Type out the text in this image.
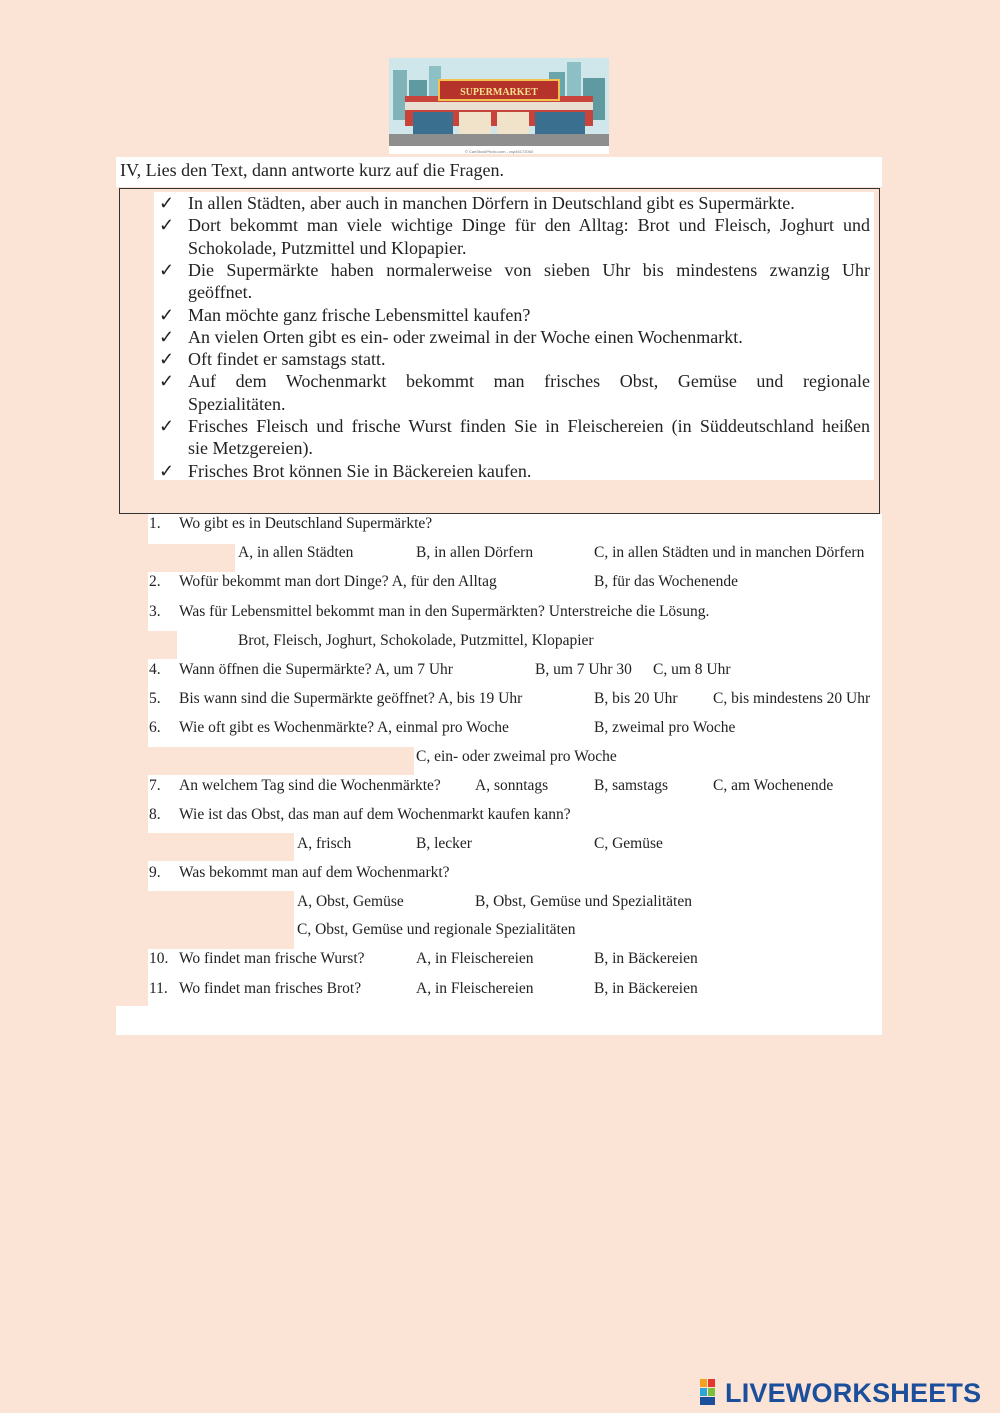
SUPERMARKET
© CanStockPhoto.com - csp46172063
IV, Lies den Text, dann antworte kurz auf die Fragen.
✓ In allen Städten, aber auch in manchen Dörfern in Deutschland gibt es Supermärkte.
✓ Dort bekommt man viele wichtige Dinge für den Alltag: Brot und Fleisch, Joghurt und
Schokolade, Putzmittel und Klopapier.
✓ Die Supermärkte haben normalerweise von sieben Uhr bis mindestens zwanzig Uhr
geöffnet.
✓ Man möchte ganz frische Lebensmittel kaufen?
✓ An vielen Orten gibt es ein- oder zweimal in der Woche einen Wochenmarkt.
✓ Oft findet er samstags statt.
✓ Auf dem Wochenmarkt bekommt man frisches Obst, Gemüse und regionale
Spezialitäten.
✓ Frisches Fleisch und frische Wurst finden Sie in Fleischereien (in Süddeutschland heißen
sie Metzgereien).
✓ Frisches Brot können Sie in Bäckereien kaufen.
1. Wo gibt es in Deutschland Supermärkte?
A, in allen Städten	B, in allen Dörfern	C, in allen Städten und in manchen Dörfern
2. Wofür bekommt man dort Dinge? A, für den Alltag	B, für das Wochenende
3. Was für Lebensmittel bekommt man in den Supermärkten? Unterstreiche die Lösung.
Brot, Fleisch, Joghurt, Schokolade, Putzmittel, Klopapier
4. Wann öffnen die Supermärkte? A, um 7 Uhr	B, um 7 Uhr 30 C, um 8 Uhr
5. Bis wann sind die Supermärkte geöffnet? A, bis 19 Uhr	B, bis 20 Uhr C, bis mindestens 20 Uhr
6. Wie oft gibt es Wochenmärkte? A, einmal pro Woche	B, zweimal pro Woche
C, ein- oder zweimal pro Woche
7. An welchem Tag sind die Wochenmärkte? A, sonntags	B, samstags	C, am Wochenende
8. Wie ist das Obst, das man auf dem Wochenmarkt kaufen kann?
A, frisch	B, lecker	C, Gemüse
9. Was bekommt man auf dem Wochenmarkt?
A, Obst, Gemüse	B, Obst, Gemüse und Spezialitäten
C, Obst, Gemüse und regionale Spezialitäten
10. Wo findet man frische Wurst?	A, in Fleischereien	B, in Bäckereien
11. Wo findet man frisches Brot?	A, in Fleischereien	B, in Bäckereien
LIVEWORKSHEETS
